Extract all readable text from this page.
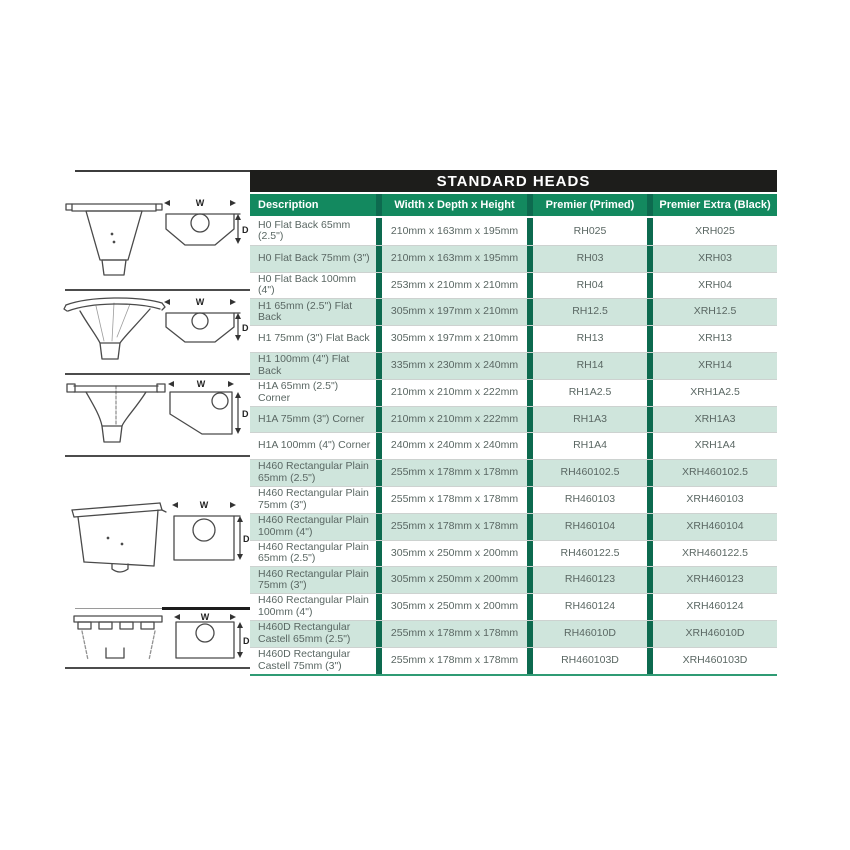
W
D
W
D
W
D
W
D
W
D
STANDARD HEADS
Description	Width x Depth x Height	Premier (Primed)	Premier Extra (Black)
H0 Flat Back 65mm (2.5")	210mm x 163mm x 195mm	RH025	XRH025
H0 Flat Back 75mm (3")	210mm x 163mm x 195mm	RH03	XRH03
H0 Flat Back 100mm (4")	253mm x 210mm x 210mm	RH04	XRH04
H1 65mm (2.5") Flat Back	305mm x 197mm x 210mm	RH12.5	XRH12.5
H1 75mm (3") Flat Back	305mm x 197mm x 210mm	RH13	XRH13
H1 100mm (4") Flat Back	335mm x 230mm x 240mm	RH14	XRH14
H1A 65mm (2.5") Corner	210mm x 210mm x 222mm	RH1A2.5	XRH1A2.5
H1A 75mm (3") Corner	210mm x 210mm x 222mm	RH1A3	XRH1A3
H1A 100mm (4") Corner	240mm x 240mm x 240mm	RH1A4	XRH1A4
H460 Rectangular Plain 65mm (2.5")	255mm x 178mm x 178mm	RH460102.5	XRH460102.5
H460 Rectangular Plain 75mm (3")	255mm x 178mm x 178mm	RH460103	XRH460103
H460 Rectangular Plain 100mm (4")	255mm x 178mm x 178mm	RH460104	XRH460104
H460 Rectangular Plain 65mm (2.5")	305mm x 250mm x 200mm	RH460122.5	XRH460122.5
H460 Rectangular Plain 75mm (3")	305mm x 250mm x 200mm	RH460123	XRH460123
H460 Rectangular Plain 100mm (4")	305mm x 250mm x 200mm	RH460124	XRH460124
H460D Rectangular Castell 65mm (2.5")	255mm x 178mm x 178mm	RH46010D	XRH46010D
H460D Rectangular Castell 75mm (3")	255mm x 178mm x 178mm	RH460103D	XRH460103D
